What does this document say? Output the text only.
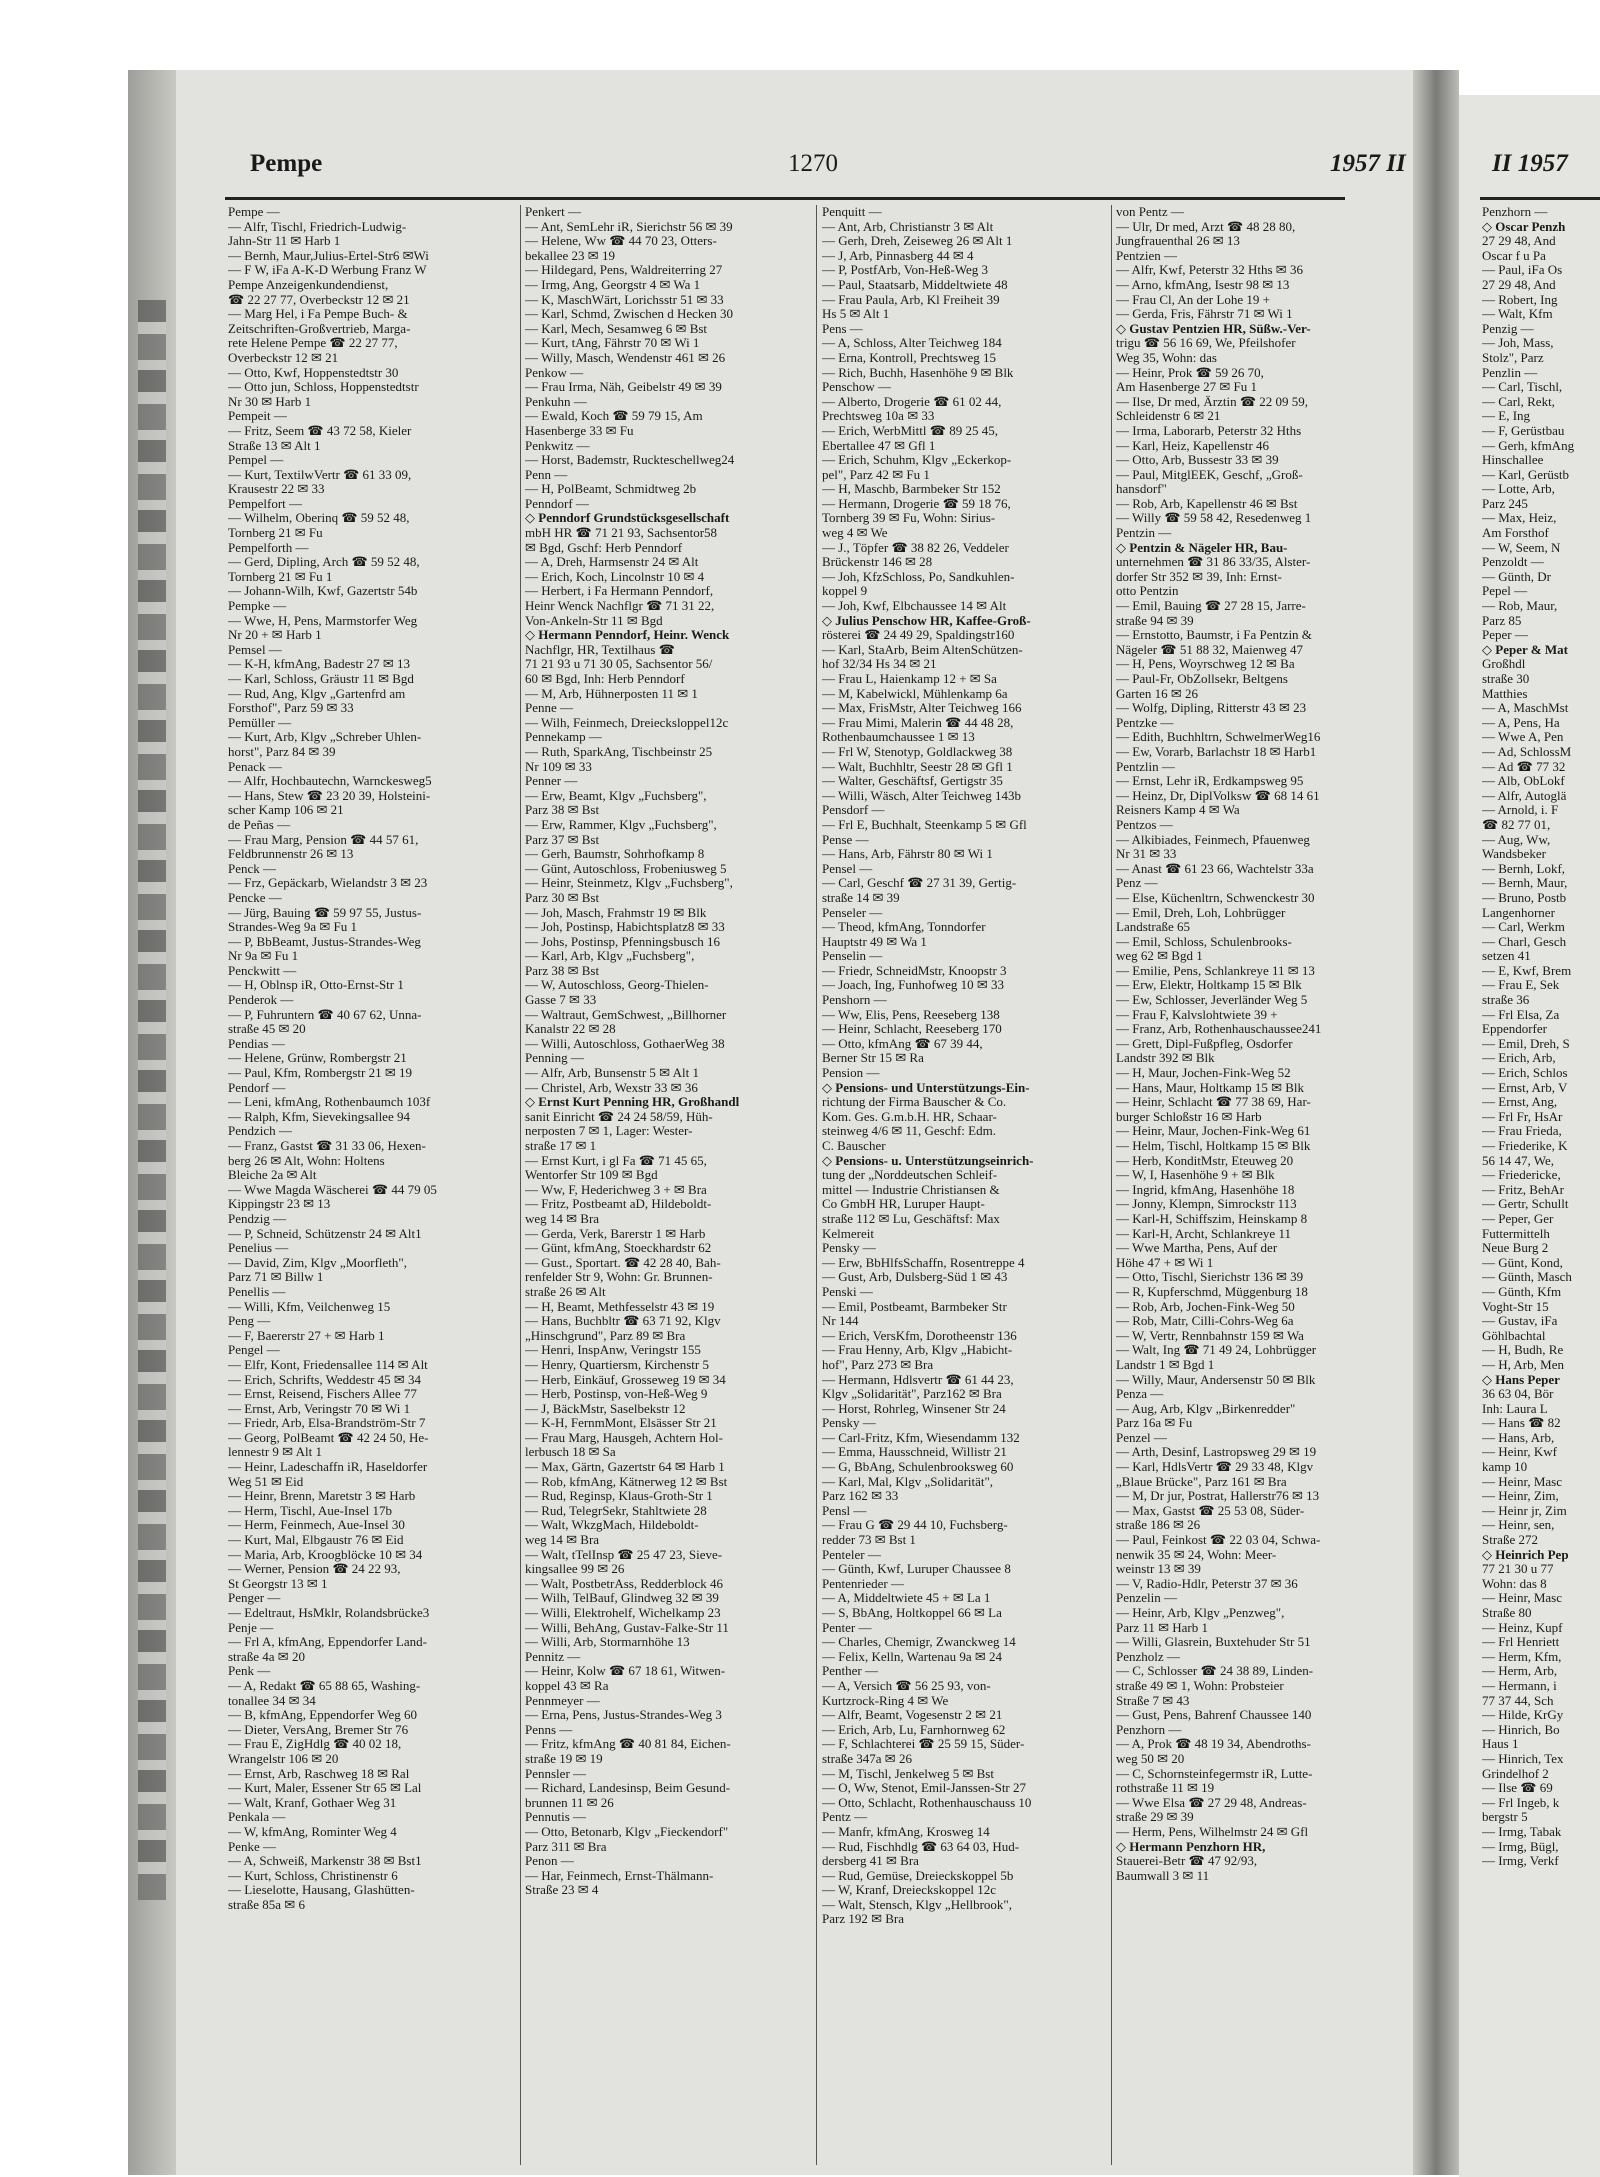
Pempe	1270	1957 II	II 1957
Pempe —
— Alfr, Tischl, Friedrich-Ludwig-
Jahn-Str 11 ✉ Harb 1
— Bernh, Maur,Julius-Ertel-Str6 ✉Wi
— F W, iFa A-K-D Werbung Franz W
Pempe Anzeigenkundendienst,
☎ 22 27 77, Overbeckstr 12 ✉ 21
— Marg Hel, i Fa Pempe Buch- &
Zeitschriften-Großvertrieb, Marga-
rete Helene Pempe ☎ 22 27 77,
Overbeckstr 12 ✉ 21
— Otto, Kwf, Hoppenstedtstr 30
— Otto jun, Schloss, Hoppenstedtstr
Nr 30 ✉ Harb 1
Pempeit —
— Fritz, Seem ☎ 43 72 58, Kieler
Straße 13 ✉ Alt 1
Pempel —
— Kurt, TextilwVertr ☎ 61 33 09,
Krausestr 22 ✉ 33
Pempelfort —
— Wilhelm, Oberinq ☎ 59 52 48,
Tornberg 21 ✉ Fu
Pempelforth —
— Gerd, Dipling, Arch ☎ 59 52 48,
Tornberg 21 ✉ Fu 1
— Johann-Wilh, Kwf, Gazertstr 54b
Pempke —
— Wwe, H, Pens, Marmstorfer Weg
Nr 20 + ✉ Harb 1
Pemsel —
— K-H, kfmAng, Badestr 27 ✉ 13
— Karl, Schloss, Gräustr 11 ✉ Bgd
— Rud, Ang, Klgv „Gartenfrd am
Forsthof", Parz 59 ✉ 33
Pemüller —
— Kurt, Arb, Klgv „Schreber Uhlen-
horst", Parz 84 ✉ 39
Penack —
— Alfr, Hochbautechn, Warnckesweg5
— Hans, Stew ☎ 23 20 39, Holsteini-
scher Kamp 106 ✉ 21
de Peñas —
— Frau Marg, Pension ☎ 44 57 61,
Feldbrunnenstr 26 ✉ 13
Penck —
— Frz, Gepäckarb, Wielandstr 3 ✉ 23
Pencke —
— Jürg, Bauing ☎ 59 97 55, Justus-
Strandes-Weg 9a ✉ Fu 1
— P, BbBeamt, Justus-Strandes-Weg
Nr 9a ✉ Fu 1
Penckwitt —
— H, Oblnsp iR, Otto-Ernst-Str 1
Penderok —
— P, Fuhruntern ☎ 40 67 62, Unna-
straße 45 ✉ 20
Pendias —
— Helene, Grünw, Rombergstr 21
— Paul, Kfm, Rombergstr 21 ✉ 19
Pendorf —
— Leni, kfmAng, Rothenbaumch 103f
— Ralph, Kfm, Sievekingsallee 94
Pendzich —
— Franz, Gastst ☎ 31 33 06, Hexen-
berg 26 ✉ Alt, Wohn: Holtens
Bleiche 2a ✉ Alt
— Wwe Magda Wäscherei ☎ 44 79 05
Kippingstr 23 ✉ 13
Pendzig —
— P, Schneid, Schützenstr 24 ✉ Alt1
Penelius —
— David, Zim, Klgv „Moorfleth",
Parz 71 ✉ Billw 1
Penellis —
— Willi, Kfm, Veilchenweg 15
Peng —
— F, Baererstr 27 + ✉ Harb 1
Pengel —
— Elfr, Kont, Friedensallee 114 ✉ Alt
— Erich, Schrifts, Weddestr 45 ✉ 34
— Ernst, Reisend, Fischers Allee 77
— Ernst, Arb, Veringstr 70 ✉ Wi 1
— Friedr, Arb, Elsa-Brandström-Str 7
— Georg, PolBeamt ☎ 42 24 50, He-
lennestr 9 ✉ Alt 1
— Heinr, Ladeschaffn iR, Haseldorfer
Weg 51 ✉ Eid
— Heinr, Brenn, Maretstr 3 ✉ Harb
— Herm, Tischl, Aue-Insel 17b
— Herm, Feinmech, Aue-Insel 30
— Kurt, Mal, Elbgaustr 76 ✉ Eid
— Maria, Arb, Kroogblöcke 10 ✉ 34
— Werner, Pension ☎ 24 22 93,
St Georgstr 13 ✉ 1
Penger —
— Edeltraut, HsMklr, Rolandsbrücke3
Penje —
— Frl A, kfmAng, Eppendorfer Land-
straße 4a ✉ 20
Penk —
— A, Redakt ☎ 65 88 65, Washing-
tonallee 34 ✉ 34
— B, kfmAng, Eppendorfer Weg 60
— Dieter, VersAng, Bremer Str 76
— Frau E, ZigHdlg ☎ 40 02 18,
Wrangelstr 106 ✉ 20
— Ernst, Arb, Raschweg 18 ✉ Ral
— Kurt, Maler, Essener Str 65 ✉ Lal
— Walt, Kranf, Gothaer Weg 31
Penkala —
— W, kfmAng, Rominter Weg 4
Penke —
— A, Schweiß, Markenstr 38 ✉ Bst1
— Kurt, Schloss, Christinenstr 6
— Lieselotte, Hausang, Glashütten-
straße 85a ✉ 6
Penkert —
— Ant, SemLehr iR, Sierichstr 56 ✉ 39
— Helene, Ww ☎ 44 70 23, Otters-
bekallee 23 ✉ 19
— Hildegard, Pens, Waldreiterring 27
— Irmg, Ang, Georgstr 4 ✉ Wa 1
— K, MaschWärt, Lorichsstr 51 ✉ 33
— Karl, Schmd, Zwischen d Hecken 30
— Karl, Mech, Sesamweg 6 ✉ Bst
— Kurt, tAng, Fährstr 70 ✉ Wi 1
— Willy, Masch, Wendenstr 461 ✉ 26
Penkow —
— Frau Irma, Näh, Geibelstr 49 ✉ 39
Penkuhn —
— Ewald, Koch ☎ 59 79 15, Am
Hasenberge 33 ✉ Fu
Penkwitz —
— Horst, Bademstr, Ruckteschellweg24
Penn —
— H, PolBeamt, Schmidtweg 2b
Penndorf —
◇ Penndorf Grundstücksgesellschaft
mbH HR ☎ 71 21 93, Sachsentor58
✉ Bgd, Gschf: Herb Penndorf
— A, Dreh, Harmsenstr 24 ✉ Alt
— Erich, Koch, Lincolnstr 10 ✉ 4
— Herbert, i Fa Hermann Penndorf,
Heinr Wenck Nachflgr ☎ 71 31 22,
Von-Ankeln-Str 11 ✉ Bgd
◇ Hermann Penndorf, Heinr. Wenck
Nachflgr, HR, Textilhaus ☎
71 21 93 u 71 30 05, Sachsentor 56/
60 ✉ Bgd, Inh: Herb Penndorf
— M, Arb, Hühnerposten 11 ✉ 1
Penne —
— Wilh, Feinmech, Dreiecksloppel12c
Pennekamp —
— Ruth, SparkAng, Tischbeinstr 25
Nr 109 ✉ 33
Penner —
— Erw, Beamt, Klgv „Fuchsberg",
Parz 38 ✉ Bst
— Erw, Rammer, Klgv „Fuchsberg",
Parz 37 ✉ Bst
— Gerh, Baumstr, Sohrhofkamp 8
— Günt, Autoschloss, Frobeniusweg 5
— Heinr, Steinmetz, Klgv „Fuchsberg",
Parz 30 ✉ Bst
— Joh, Masch, Frahmstr 19 ✉ Blk
— Joh, Postinsp, Habichtsplatz8 ✉ 33
— Johs, Postinsp, Pfenningsbusch 16
— Karl, Arb, Klgv „Fuchsberg",
Parz 38 ✉ Bst
— W, Autoschloss, Georg-Thielen-
Gasse 7 ✉ 33
— Waltraut, GemSchwest, „Billhorner
Kanalstr 22 ✉ 28
— Willi, Autoschloss, GothaerWeg 38
Penning —
— Alfr, Arb, Bunsenstr 5 ✉ Alt 1
— Christel, Arb, Wexstr 33 ✉ 36
◇ Ernst Kurt Penning HR, Großhandl
sanit Einricht ☎ 24 24 58/59, Hüh-
nerposten 7 ✉ 1, Lager: Wester-
straße 17 ✉ 1
— Ernst Kurt, i gl Fa ☎ 71 45 65,
Wentorfer Str 109 ✉ Bgd
— Ww, F, Hederichweg 3 + ✉ Bra
— Fritz, Postbeamt aD, Hildeboldt-
weg 14 ✉ Bra
— Gerda, Verk, Barerstr 1 ✉ Harb
— Günt, kfmAng, Stoeckhardstr 62
— Gust., Sportart. ☎ 42 28 40, Bah-
renfelder Str 9, Wohn: Gr. Brunnen-
straße 26 ✉ Alt
— H, Beamt, Methfesselstr 43 ✉ 19
— Hans, Buchbltr ☎ 63 71 92, Klgv
„Hinschgrund", Parz 89 ✉ Bra
— Henri, InspAnw, Veringstr 155
— Henry, Quartiersm, Kirchenstr 5
— Herb, Einkäuf, Grosseweg 19 ✉ 34
— Herb, Postinsp, von-Heß-Weg 9
— J, BäckMstr, Saselbekstr 12
— K-H, FernmMont, Elsässer Str 21
— Frau Marg, Hausgeh, Achtern Hol-
lerbusch 18 ✉ Sa
— Max, Gärtn, Gazertstr 64 ✉ Harb 1
— Rob, kfmAng, Kätnerweg 12 ✉ Bst
— Rud, Reginsp, Klaus-Groth-Str 1
— Rud, TelegrSekr, Stahltwiete 28
— Walt, WkzgMach, Hildeboldt-
weg 14 ✉ Bra
— Walt, tTelInsp ☎ 25 47 23, Sieve-
kingsallee 99 ✉ 26
— Walt, PostbetrAss, Redderblock 46
— Wilh, TelBauf, Glindweg 32 ✉ 39
— Willi, Elektrohelf, Wichelkamp 23
— Willi, BehAng, Gustav-Falke-Str 11
— Willi, Arb, Stormarnhöhe 13
Pennitz —
— Heinr, Kolw ☎ 67 18 61, Witwen-
koppel 43 ✉ Ra
Pennmeyer —
— Erna, Pens, Justus-Strandes-Weg 3
Penns —
— Fritz, kfmAng ☎ 40 81 84, Eichen-
straße 19 ✉ 19
Pennsler —
— Richard, Landesinsp, Beim Gesund-
brunnen 11 ✉ 26
Pennutis —
— Otto, Betonarb, Klgv „Fieckendorf"
Parz 311 ✉ Bra
Penon —
— Har, Feinmech, Ernst-Thälmann-
Straße 23 ✉ 4
Penquitt —
— Ant, Arb, Christianstr 3 ✉ Alt
— Gerh, Dreh, Zeiseweg 26 ✉ Alt 1
— J, Arb, Pinnasberg 44 ✉ 4
— P, PostfArb, Von-Heß-Weg 3
— Paul, Staatsarb, Middeltwiete 48
— Frau Paula, Arb, Kl Freiheit 39
Hs 5 ✉ Alt 1
Pens —
— A, Schloss, Alter Teichweg 184
— Erna, Kontroll, Prechtsweg 15
— Rich, Buchh, Hasenhöhe 9 ✉ Blk
Penschow —
— Alberto, Drogerie ☎ 61 02 44,
Prechtsweg 10a ✉ 33
— Erich, WerbMittl ☎ 89 25 45,
Ebertallee 47 ✉ Gfl 1
— Erich, Schuhm, Klgv „Eckerkop-
pel", Parz 42 ✉ Fu 1
— H, Maschb, Barmbeker Str 152
— Hermann, Drogerie ☎ 59 18 76,
Tornberg 39 ✉ Fu, Wohn: Sirius-
weg 4 ✉ We
— J., Töpfer ☎ 38 82 26, Veddeler
Brückenstr 146 ✉ 28
— Joh, KfzSchloss, Po, Sandkuhlen-
koppel 9
— Joh, Kwf, Elbchaussee 14 ✉ Alt
◇ Julius Penschow HR, Kaffee-Groß-
rösterei ☎ 24 49 29, Spaldingstr160
— Karl, StaArb, Beim AltenSchützen-
hof 32/34 Hs 34 ✉ 21
— Frau L, Haienkamp 12 + ✉ Sa
— M, Kabelwickl, Mühlenkamp 6a
— Max, FrisMstr, Alter Teichweg 166
— Frau Mimi, Malerin ☎ 44 48 28,
Rothenbaumchaussee 1 ✉ 13
— Frl W, Stenotyp, Goldlackweg 38
— Walt, Buchhltr, Seestr 28 ✉ Gfl 1
— Walter, Geschäftsf, Gertigstr 35
— Willi, Wäsch, Alter Teichweg 143b
Pensdorf —
— Frl E, Buchhalt, Steenkamp 5 ✉ Gfl
Pense —
— Hans, Arb, Fährstr 80 ✉ Wi 1
Pensel —
— Carl, Geschf ☎ 27 31 39, Gertig-
straße 14 ✉ 39
Penseler —
— Theod, kfmAng, Tonndorfer
Hauptstr 49 ✉ Wa 1
Penselin —
— Friedr, SchneidMstr, Knoopstr 3
— Joach, Ing, Funhofweg 10 ✉ 33
Penshorn —
— Ww, Elis, Pens, Reeseberg 138
— Heinr, Schlacht, Reeseberg 170
— Otto, kfmAng ☎ 67 39 44,
Berner Str 15 ✉ Ra
Pension —
◇ Pensions- und Unterstützungs-Ein-
richtung der Firma Bauscher & Co.
Kom. Ges. G.m.b.H. HR, Schaar-
steinweg 4/6 ✉ 11, Geschf: Edm.
C. Bauscher
◇ Pensions- u. Unterstützungseinrich-
tung der „Norddeutschen Schleif-
mittel — Industrie Christiansen &
Co GmbH HR, Luruper Haupt-
straße 112 ✉ Lu, Geschäftsf: Max
Kelmereit
Pensky —
— Erw, BbHlfsSchaffn, Rosentreppe 4
— Gust, Arb, Dulsberg-Süd 1 ✉ 43
Penski —
— Emil, Postbeamt, Barmbeker Str
Nr 144
— Erich, VersKfm, Dorotheenstr 136
— Frau Henny, Arb, Klgv „Habicht-
hof", Parz 273 ✉ Bra
— Hermann, Hdlsvertr ☎ 61 44 23,
Klgv „Solidarität", Parz162 ✉ Bra
— Horst, Rohrleg, Winsener Str 24
Pensky —
— Carl-Fritz, Kfm, Wiesendamm 132
— Emma, Hausschneid, Willistr 21
— G, BbAng, Schulenbrooksweg 60
— Karl, Mal, Klgv „Solidarität",
Parz 162 ✉ 33
Pensl —
— Frau G ☎ 29 44 10, Fuchsberg-
redder 73 ✉ Bst 1
Penteler —
— Günth, Kwf, Luruper Chaussee 8
Pentenrieder —
— A, Middeltwiete 45 + ✉ La 1
— S, BbAng, Holtkoppel 66 ✉ La
Penter —
— Charles, Chemigr, Zwanckweg 14
— Felix, Kelln, Wartenau 9a ✉ 24
Penther —
— A, Versich ☎ 56 25 93, von-
Kurtzrock-Ring 4 ✉ We
— Alfr, Beamt, Vogesenstr 2 ✉ 21
— Erich, Arb, Lu, Farnhornweg 62
— F, Schlachterei ☎ 25 59 15, Süder-
straße 347a ✉ 26
— M, Tischl, Jenkelweg 5 ✉ Bst
— O, Ww, Stenot, Emil-Janssen-Str 27
— Otto, Schlacht, Rothenhauschauss 10
Pentz —
— Manfr, kfmAng, Krosweg 14
— Rud, Fischhdlg ☎ 63 64 03, Hud-
dersberg 41 ✉ Bra
— Rud, Gemüse, Dreieckskoppel 5b
— W, Kranf, Dreieckskoppel 12c
— Walt, Stensch, Klgv „Hellbrook",
Parz 192 ✉ Bra
von Pentz —
— Ulr, Dr med, Arzt ☎ 48 28 80,
Jungfrauenthal 26 ✉ 13
Pentzien —
— Alfr, Kwf, Peterstr 32 Hths ✉ 36
— Arno, kfmAng, Isestr 98 ✉ 13
— Frau Cl, An der Lohe 19 +
— Gerda, Fris, Fährstr 71 ✉ Wi 1
◇ Gustav Pentzien HR, Süßw.-Ver-
trigu ☎ 56 16 69, We, Pfeilshofer
Weg 35, Wohn: das
— Heinr, Prok ☎ 59 26 70,
Am Hasenberge 27 ✉ Fu 1
— Ilse, Dr med, Ärztin ☎ 22 09 59,
Schleidenstr 6 ✉ 21
— Irma, Laborarb, Peterstr 32 Hths
— Karl, Heiz, Kapellenstr 46
— Otto, Arb, Bussestr 33 ✉ 39
— Paul, MitglEEK, Geschf, „Groß-
hansdorf"
— Rob, Arb, Kapellenstr 46 ✉ Bst
— Willy ☎ 59 58 42, Resedenweg 1
Pentzin —
◇ Pentzin & Nägeler HR, Bau-
unternehmen ☎ 31 86 33/35, Alster-
dorfer Str 352 ✉ 39, Inh: Ernst-
otto Pentzin
— Emil, Bauing ☎ 27 28 15, Jarre-
straße 94 ✉ 39
— Ernstotto, Baumstr, i Fa Pentzin &
Nägeler ☎ 51 88 32, Maienweg 47
— H, Pens, Woyrschweg 12 ✉ Ba
— Paul-Fr, ObZollsekr, Beltgens
Garten 16 ✉ 26
— Wolfg, Dipling, Ritterstr 43 ✉ 23
Pentzke —
— Edith, Buchhltrn, SchwelmerWeg16
— Ew, Vorarb, Barlachstr 18 ✉ Harb1
Pentzlin —
— Ernst, Lehr iR, Erdkampsweg 95
— Heinz, Dr, DiplVolksw ☎ 68 14 61
Reisners Kamp 4 ✉ Wa
Pentzos —
— Alkibiades, Feinmech, Pfauenweg
Nr 31 ✉ 33
— Anast ☎ 61 23 66, Wachtelstr 33a
Penz —
— Else, Küchenltrn, Schwenckestr 30
— Emil, Dreh, Loh, Lohbrügger
Landstraße 65
— Emil, Schloss, Schulenbrooks-
weg 62 ✉ Bgd 1
— Emilie, Pens, Schlankreye 11 ✉ 13
— Erw, Elektr, Holtkamp 15 ✉ Blk
— Ew, Schlosser, Jeverländer Weg 5
— Frau F, Kalvslohtwiete 39 +
— Franz, Arb, Rothenhauschaussee241
— Grett, Dipl-Fußpfleg, Osdorfer
Landstr 392 ✉ Blk
— H, Maur, Jochen-Fink-Weg 52
— Hans, Maur, Holtkamp 15 ✉ Blk
— Heinr, Schlacht ☎ 77 38 69, Har-
burger Schloßstr 16 ✉ Harb
— Heinr, Maur, Jochen-Fink-Weg 61
— Helm, Tischl, Holtkamp 15 ✉ Blk
— Herb, KonditMstr, Eteuweg 20
— W, I, Hasenhöhe 9 + ✉ Blk
— Ingrid, kfmAng, Hasenhöhe 18
— Jonny, Klempn, Simrockstr 113
— Karl-H, Schiffszim, Heinskamp 8
— Karl-H, Archt, Schlankreye 11
— Wwe Martha, Pens, Auf der
Höhe 47 + ✉ Wi 1
— Otto, Tischl, Sierichstr 136 ✉ 39
— R, Kupferschmd, Müggenburg 18
— Rob, Arb, Jochen-Fink-Weg 50
— Rob, Matr, Cilli-Cohrs-Weg 6a
— W, Vertr, Rennbahnstr 159 ✉ Wa
— Walt, Ing ☎ 71 49 24, Lohbrügger
Landstr 1 ✉ Bgd 1
— Willy, Maur, Andersenstr 50 ✉ Blk
Penza —
— Aug, Arb, Klgv „Birkenredder"
Parz 16a ✉ Fu
Penzel —
— Arth, Desinf, Lastropsweg 29 ✉ 19
— Karl, HdlsVertr ☎ 29 33 48, Klgv
„Blaue Brücke", Parz 161 ✉ Bra
— M, Dr jur, Postrat, Hallerstr76 ✉ 13
— Max, Gastst ☎ 25 53 08, Süder-
straße 186 ✉ 26
— Paul, Feinkost ☎ 22 03 04, Schwa-
nenwik 35 ✉ 24, Wohn: Meer-
weinstr 13 ✉ 39
— V, Radio-Hdlr, Peterstr 37 ✉ 36
Penzelin —
— Heinr, Arb, Klgv „Penzweg",
Parz 11 ✉ Harb 1
— Willi, Glasrein, Buxtehuder Str 51
Penzholz —
— C, Schlosser ☎ 24 38 89, Linden-
straße 49 ✉ 1, Wohn: Probsteier
Straße 7 ✉ 43
— Gust, Pens, Bahrenf Chaussee 140
Penzhorn —
— A, Prok ☎ 48 19 34, Abendroths-
weg 50 ✉ 20
— C, Schornsteinfegermstr iR, Lutte-
rothstraße 11 ✉ 19
— Wwe Elsa ☎ 27 29 48, Andreas-
straße 29 ✉ 39
— Herm, Pens, Wilhelmstr 24 ✉ Gfl
◇ Hermann Penzhorn HR,
Stauerei-Betr ☎ 47 92/93,
Baumwall 3 ✉ 11
Penzhorn —
◇ Oscar Penzh
27 29 48, And
Oscar f u Pa
— Paul, iFa Os
27 29 48, And
— Robert, Ing
— Walt, Kfm
Penzig —
— Joh, Mass,
Stolz", Parz
Penzlin —
— Carl, Tischl,
— Carl, Rekt,
— E, Ing
— F, Gerüstbau
— Gerh, kfmAng
Hinschallee
— Karl, Gerüstb
— Lotte, Arb,
Parz 245
— Max, Heiz,
Am Forsthof
— W, Seem, N
Penzoldt —
— Günth, Dr
Pepel —
— Rob, Maur,
Parz 85
Peper —
◇ Peper & Mat
Großhdl
straße 30
Matthies
— A, MaschMst
— A, Pens, Ha
— Wwe A, Pen
— Ad, SchlossM
— Ad ☎ 77 32
— Alb, ObLokf
— Alfr, Autoglä
— Arnold, i. F
☎ 82 77 01,
— Aug, Ww,
Wandsbeker
— Bernh, Lokf,
— Bernh, Maur,
— Bruno, Postb
Langenhorner
— Carl, Werkm
— Charl, Gesch
setzen 41
— E, Kwf, Brem
— Frau E, Sek
straße 36
— Frl Elsa, Za
Eppendorfer
— Emil, Dreh, S
— Erich, Arb,
— Erich, Schlos
— Ernst, Arb, V
— Ernst, Ang,
— Frl Fr, HsAr
— Frau Frieda,
— Friederike, K
56 14 47, We,
— Friedericke,
— Fritz, BehAr
— Gertr, Schullt
— Peper, Ger
Futtermittelh
Neue Burg 2
— Günt, Kond,
— Günth, Masch
— Günth, Kfm
Voght-Str 15
— Gustav, iFa
Göhlbachtal
— H, Budh, Re
— H, Arb, Men
◇ Hans Peper
36 63 04, Bör
Inh: Laura L
— Hans ☎ 82
— Hans, Arb,
— Heinr, Kwf
kamp 10
— Heinr, Masc
— Heinr, Zim,
— Heinr jr, Zim
— Heinr, sen,
Straße 272
◇ Heinrich Pep
77 21 30 u 77
Wohn: das 8
— Heinr, Masc
Straße 80
— Heinz, Kupf
— Frl Henriett
— Herm, Kfm,
— Herm, Arb,
— Hermann, i
77 37 44, Sch
— Hilde, KrGy
— Hinrich, Bo
Haus 1
— Hinrich, Tex
Grindelhof 2
— Ilse ☎ 69
— Frl Ingeb, k
bergstr 5
— Irmg, Tabak
— Irmg, Bügl,
— Irmg, Verkf
